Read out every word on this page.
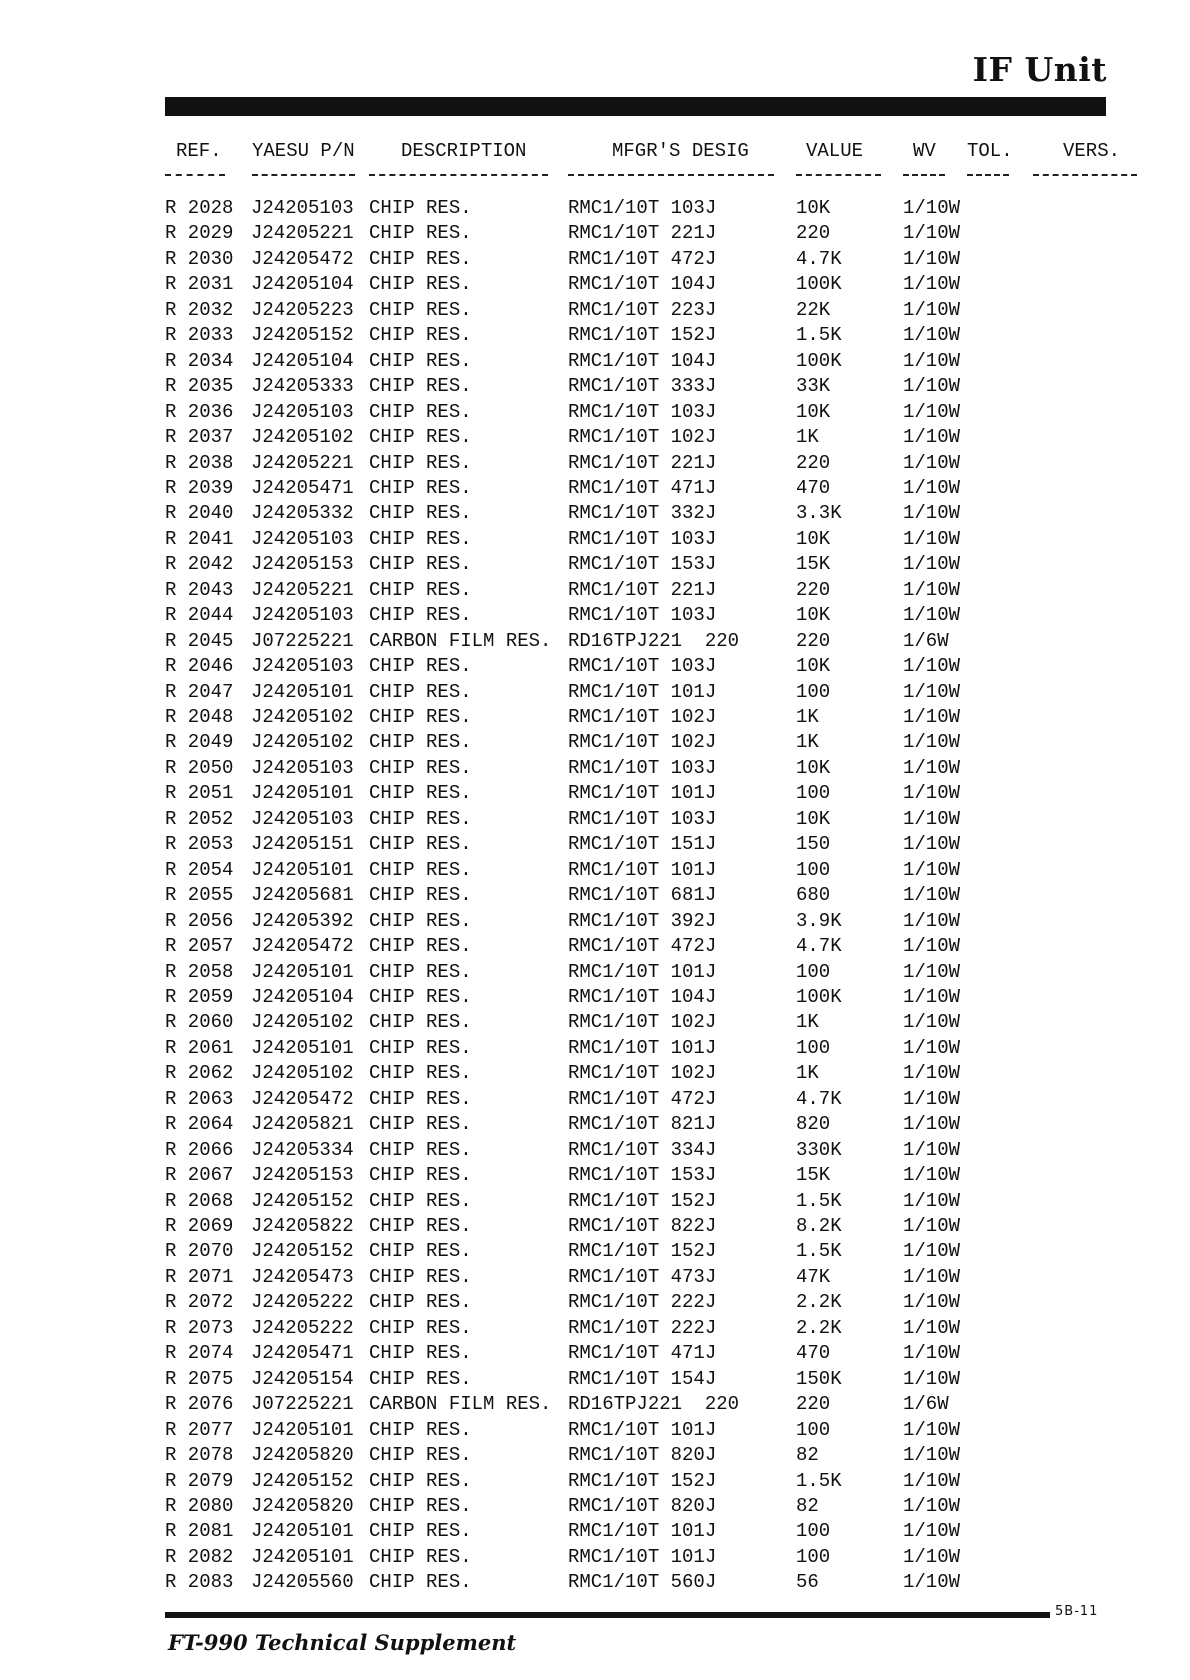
IF Unit
REF. YAESU P/N DESCRIPTION	MFGR'S DESIG	VALUE	WV TOL.	VERS.
R 2028 J24205103 CHIP RES.	RMC1/10T 103J	10K	1/10W
R 2029 J24205221 CHIP RES.	RMC1/10T 221J	220	1/10W
R 2030 J24205472 CHIP RES.	RMC1/10T 472J	4.7K	1/10W
R 2031 J24205104 CHIP RES.	RMC1/10T 104J	100K	1/10W
R 2032 J24205223 CHIP RES.	RMC1/10T 223J	22K	1/10W
R 2033 J24205152 CHIP RES.	RMC1/10T 152J	1.5K	1/10W
R 2034 J24205104 CHIP RES.	RMC1/10T 104J	100K	1/10W
R 2035 J24205333 CHIP RES.	RMC1/10T 333J	33K	1/10W
R 2036 J24205103 CHIP RES.	RMC1/10T 103J	10K	1/10W
R 2037 J24205102 CHIP RES.	RMC1/10T 102J	1K	1/10W
R 2038 J24205221 CHIP RES.	RMC1/10T 221J	220	1/10W
R 2039 J24205471 CHIP RES.	RMC1/10T 471J	470	1/10W
R 2040 J24205332 CHIP RES.	RMC1/10T 332J	3.3K	1/10W
R 2041 J24205103 CHIP RES.	RMC1/10T 103J	10K	1/10W
R 2042 J24205153 CHIP RES.	RMC1/10T 153J	15K	1/10W
R 2043 J24205221 CHIP RES.	RMC1/10T 221J	220	1/10W
R 2044 J24205103 CHIP RES.	RMC1/10T 103J	10K	1/10W
R 2045 J07225221 CARBON FILM RES. RD16TPJ221  220	220	1/6W
R 2046 J24205103 CHIP RES.	RMC1/10T 103J	10K	1/10W
R 2047 J24205101 CHIP RES.	RMC1/10T 101J	100	1/10W
R 2048 J24205102 CHIP RES.	RMC1/10T 102J	1K	1/10W
R 2049 J24205102 CHIP RES.	RMC1/10T 102J	1K	1/10W
R 2050 J24205103 CHIP RES.	RMC1/10T 103J	10K	1/10W
R 2051 J24205101 CHIP RES.	RMC1/10T 101J	100	1/10W
R 2052 J24205103 CHIP RES.	RMC1/10T 103J	10K	1/10W
R 2053 J24205151 CHIP RES.	RMC1/10T 151J	150	1/10W
R 2054 J24205101 CHIP RES.	RMC1/10T 101J	100	1/10W
R 2055 J24205681 CHIP RES.	RMC1/10T 681J	680	1/10W
R 2056 J24205392 CHIP RES.	RMC1/10T 392J	3.9K	1/10W
R 2057 J24205472 CHIP RES.	RMC1/10T 472J	4.7K	1/10W
R 2058 J24205101 CHIP RES.	RMC1/10T 101J	100	1/10W
R 2059 J24205104 CHIP RES.	RMC1/10T 104J	100K	1/10W
R 2060 J24205102 CHIP RES.	RMC1/10T 102J	1K	1/10W
R 2061 J24205101 CHIP RES.	RMC1/10T 101J	100	1/10W
R 2062 J24205102 CHIP RES.	RMC1/10T 102J	1K	1/10W
R 2063 J24205472 CHIP RES.	RMC1/10T 472J	4.7K	1/10W
R 2064 J24205821 CHIP RES.	RMC1/10T 821J	820	1/10W
R 2066 J24205334 CHIP RES.	RMC1/10T 334J	330K	1/10W
R 2067 J24205153 CHIP RES.	RMC1/10T 153J	15K	1/10W
R 2068 J24205152 CHIP RES.	RMC1/10T 152J	1.5K	1/10W
R 2069 J24205822 CHIP RES.	RMC1/10T 822J	8.2K	1/10W
R 2070 J24205152 CHIP RES.	RMC1/10T 152J	1.5K	1/10W
R 2071 J24205473 CHIP RES.	RMC1/10T 473J	47K	1/10W
R 2072 J24205222 CHIP RES.	RMC1/10T 222J	2.2K	1/10W
R 2073 J24205222 CHIP RES.	RMC1/10T 222J	2.2K	1/10W
R 2074 J24205471 CHIP RES.	RMC1/10T 471J	470	1/10W
R 2075 J24205154 CHIP RES.	RMC1/10T 154J	150K	1/10W
R 2076 J07225221 CARBON FILM RES. RD16TPJ221  220	220	1/6W
R 2077 J24205101 CHIP RES.	RMC1/10T 101J	100	1/10W
R 2078 J24205820 CHIP RES.	RMC1/10T 820J	82	1/10W
R 2079 J24205152 CHIP RES.	RMC1/10T 152J	1.5K	1/10W
R 2080 J24205820 CHIP RES.	RMC1/10T 820J	82	1/10W
R 2081 J24205101 CHIP RES.	RMC1/10T 101J	100	1/10W
R 2082 J24205101 CHIP RES.	RMC1/10T 101J	100	1/10W
R 2083 J24205560 CHIP RES.	RMC1/10T 560J	56	1/10W
5B-11
FT-990 Technical Supplement
